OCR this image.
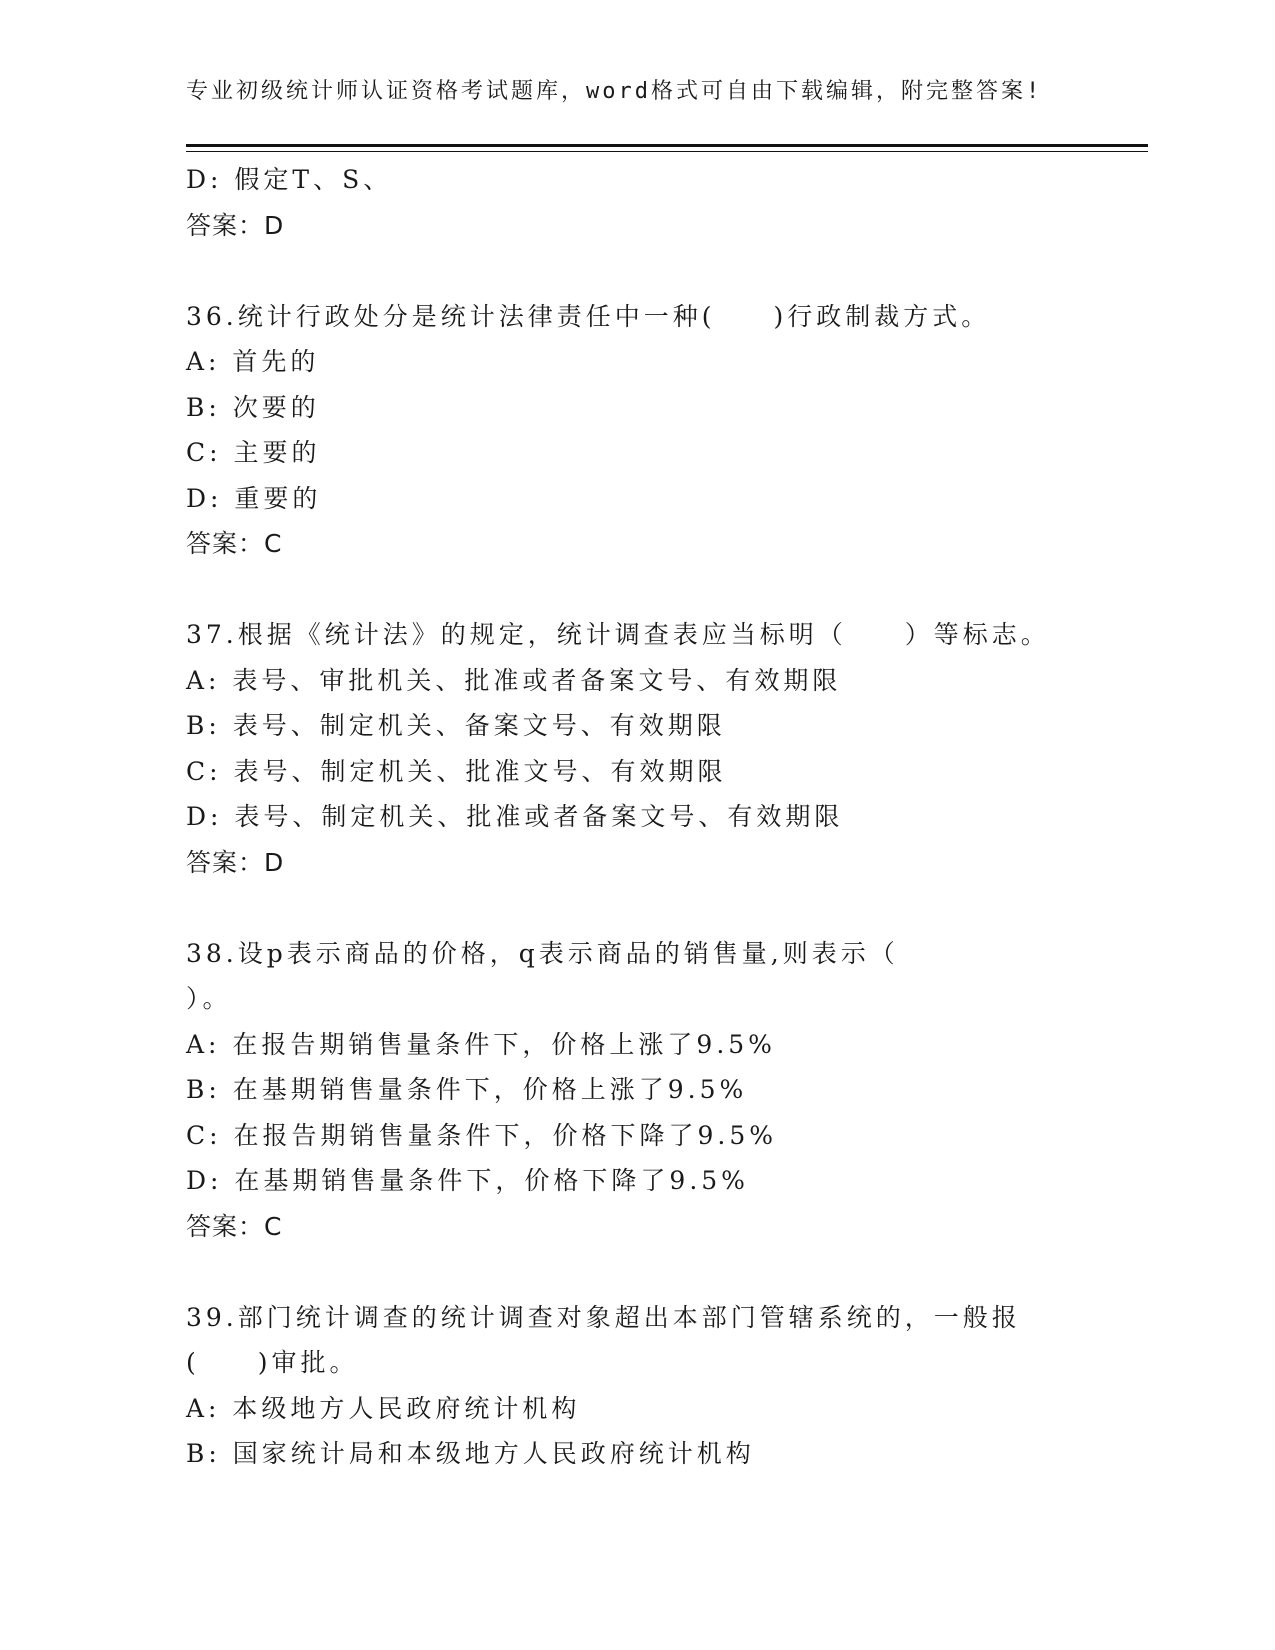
专业初级统计师认证资格考试题库，word格式可自由下载编辑，附完整答案!
D: 假定T、S、
答案：D
36.统计行政处分是统计法律责任中一种(　　)行政制裁方式。
A: 首先的
B: 次要的
C: 主要的
D: 重要的
答案：C
37.根据《统计法》的规定，统计调查表应当标明（　　）等标志。
A: 表号、审批机关、批准或者备案文号、有效期限
B: 表号、制定机关、备案文号、有效期限
C: 表号、制定机关、批准文号、有效期限
D: 表号、制定机关、批准或者备案文号、有效期限
答案：D
38.设p表示商品的价格，q表示商品的销售量,则表示（
）。
A: 在报告期销售量条件下，价格上涨了9.5%
B: 在基期销售量条件下，价格上涨了9.5%
C: 在报告期销售量条件下，价格下降了9.5%
D: 在基期销售量条件下，价格下降了9.5%
答案：C
39.部门统计调查的统计调查对象超出本部门管辖系统的，一般报
(　　)审批。
A: 本级地方人民政府统计机构
B: 国家统计局和本级地方人民政府统计机构
